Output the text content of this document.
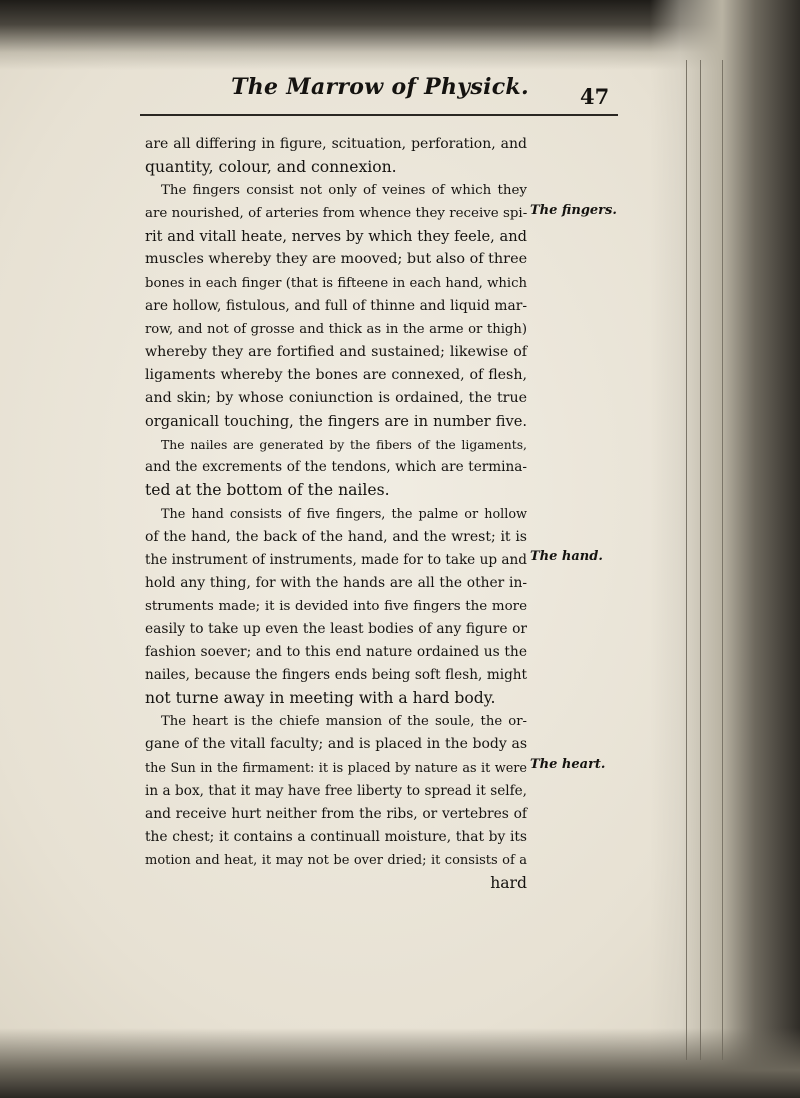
The Marrow of Physick.	47
are all differing in figure, scituation, perforation, and
quantity, colour, and connexion.
The fingers consist not only of veines of which they
are nourished, of arteries from whence they receive spi-
rit and vitall heate, nerves by which they feele, and
muscles whereby they are mooved; but also of three
bones in each finger (that is fifteene in each hand, which
are hollow, fistulous, and full of thinne and liquid mar-
row, and not of grosse and thick as in the arme or thigh)
whereby they are fortified and sustained; likewise of
ligaments whereby the bones are connexed, of flesh,
and skin; by whose coniunction is ordained, the true
organicall touching, the fingers are in number five.
The nailes are generated by the fibers of the ligaments,
and the excrements of the tendons, which are termina-
ted at the bottom of the nailes.
The hand consists of five fingers, the palme or hollow
of the hand, the back of the hand, and the wrest; it is
the instrument of instruments, made for to take up and
hold any thing, for with the hands are all the other in-
struments made; it is devided into five fingers the more
easily to take up even the least bodies of any figure or
fashion soever; and to this end nature ordained us the
nailes, because the fingers ends being soft flesh, might
not turne away in meeting with a hard body.
The heart is the chiefe mansion of the soule, the or-
gane of the vitall faculty; and is placed in the body as
the Sun in the firmament: it is placed by nature as it were
in a box, that it may have free liberty to spread it selfe,
and receive hurt neither from the ribs, or vertebres of
the chest; it contains a continuall moisture, that by its
motion and heat, it may not be over dried; it consists of a
hard
The fingers.
The hand.
The heart.
